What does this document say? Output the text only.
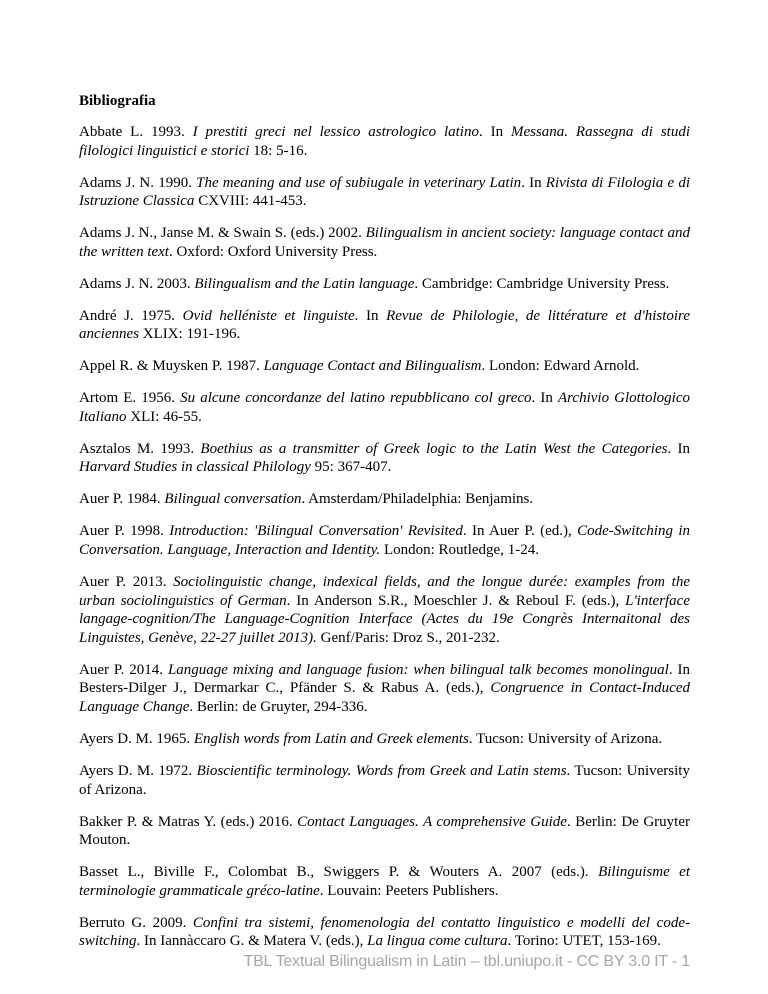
Bibliografia
Abbate L. 1993. I prestiti greci nel lessico astrologico latino. In Messana. Rassegna di studi filologici linguistici e storici 18: 5-16.
Adams J. N. 1990. The meaning and use of subiugale in veterinary Latin. In Rivista di Filologia e di Istruzione Classica CXVIII: 441-453.
Adams J. N., Janse M. & Swain S. (eds.) 2002. Bilingualism in ancient society: language contact and the written text. Oxford: Oxford University Press.
Adams J. N. 2003. Bilingualism and the Latin language. Cambridge: Cambridge University Press.
André J. 1975. Ovid helléniste et linguiste. In Revue de Philologie, de littérature et d'histoire anciennes XLIX: 191-196.
Appel R. & Muysken P. 1987. Language Contact and Bilingualism. London: Edward Arnold.
Artom E. 1956. Su alcune concordanze del latino repubblicano col greco. In Archivio Glottologico Italiano XLI: 46-55.
Asztalos M. 1993. Boethius as a transmitter of Greek logic to the Latin West the Categories. In Harvard Studies in classical Philology 95: 367-407.
Auer P. 1984. Bilingual conversation. Amsterdam/Philadelphia: Benjamins.
Auer P. 1998. Introduction: 'Bilingual Conversation' Revisited. In Auer P. (ed.), Code-Switching in Conversation. Language, Interaction and Identity. London: Routledge, 1-24.
Auer P. 2013. Sociolinguistic change, indexical fields, and the longue durée: examples from the urban sociolinguistics of German. In Anderson S.R., Moeschler J. & Reboul F. (eds.), L'interface langage-cognition/The Language-Cognition Interface (Actes du 19e Congrès Internaitonal des Linguistes, Genève, 22-27 juillet 2013). Genf/Paris: Droz S., 201-232.
Auer P. 2014. Language mixing and language fusion: when bilingual talk becomes monolingual. In Besters-Dilger J., Dermarkar C., Pfänder S. & Rabus A. (eds.), Congruence in Contact-Induced Language Change. Berlin: de Gruyter, 294-336.
Ayers D. M. 1965. English words from Latin and Greek elements. Tucson: University of Arizona.
Ayers D. M. 1972. Bioscientific terminology. Words from Greek and Latin stems. Tucson: University of Arizona.
Bakker P. & Matras Y. (eds.) 2016. Contact Languages. A comprehensive Guide. Berlin: De Gruyter Mouton.
Basset L., Biville F., Colombat B., Swiggers P. & Wouters A. 2007 (eds.). Bilinguisme et terminologie grammaticale gréco-latine. Louvain: Peeters Publishers.
Berruto G. 2009. Confini tra sistemi, fenomenologia del contatto linguistico e modelli del code-switching. In Iannàccaro G. & Matera V. (eds.), La lingua come cultura. Torino: UTET, 153-169.
TBL Textual Bilingualism in Latin – tbl.uniupo.it - CC BY 3.0 IT - 1
